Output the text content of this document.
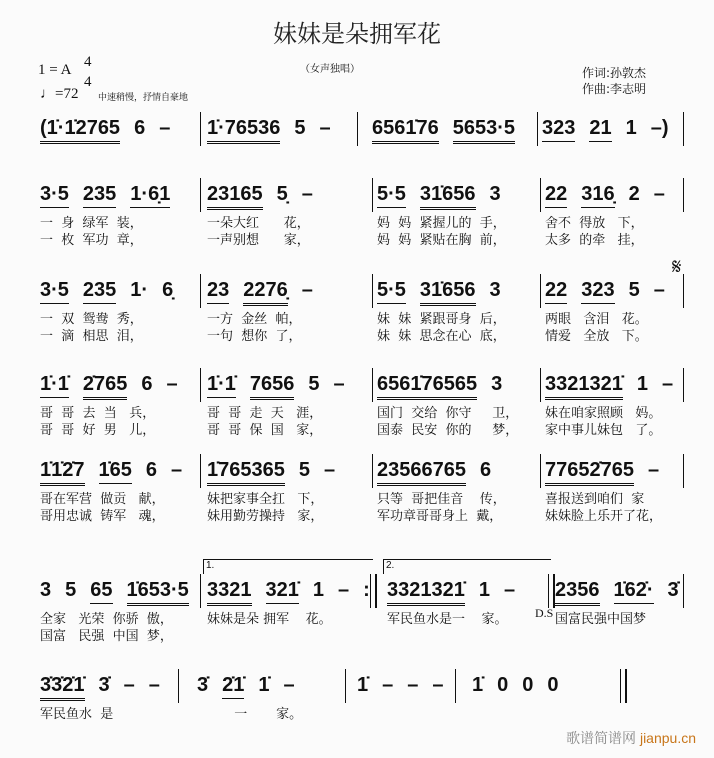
妹妹是朵拥军花
（女声独唱）
1 = A 4
4
♩=72 中速稍慢，抒情自豪地
作词:孙敦杰
作曲:李志明
𝄋
D.S
1.	2.
(1̇·1̇2765 6 –	1̇·76536 5 –	6561̇76 5653·5	323 21 1 –)
3·5 235 1·6̣1
一  身  绿军  装，
一  枚  军功  章，
23165 5̣ –
一朵大红      花，
一声别想      家，
5·5 31̇656 3
妈  妈  紧握儿的  手，
妈  妈  紧贴在胸  前，
22 316̣ 2 –
舍不  得放   下，
太多  的牵   挂，
3·5 235 1· 6̣
一  双  鸳鸯  秀，
一  滴  相思  泪，
23 2276̣ –
一方  金丝  帕，
一句  想你  了，
5·5 31̇656 3
妹  妹  紧跟哥身  后，
妹  妹  思念在心  底，
22 323 5 –
两眼   含泪   花。
情爱   全放   下。
1̇·1̇ 2̇765 6 –
哥  哥  去  当   兵，
哥  哥  好  男   儿，
1̇·1̇ 7656 5 –
哥  哥  走  天   涯，
哥  哥  保  国   家，
6561̇76565 3
国门  交给  你守     卫，
国泰  民安  你的     梦，
3321321̇ 1 –
妹在咱家照顾   妈。
家中事儿妹包   了。
1̇1̇2̇7 1̇65 6 –
哥在军营  做贡   献，
哥用忠诚  铸军   魂，
1̇765365 5 –
妹把家事全扛   下，
妹用勤劳操持   家，
23566765 6
只等  哥把佳音    传，
军功章哥哥身上  戴，
77652̇765 –
喜报送到咱们  家
妹妹脸上乐开了花，
3 5 65 1̇653·5
全家   光荣  你骄  傲，
国富   民强  中国  梦，
3321 321̇ 1 – :
妹妹是朵 拥军    花。
3321321̇ 1 –
军民鱼水是一    家。
2356 1̇62̇· 3̇
国富民强中国梦
3̇3̇2̇1̇ 3̇ – –
军民鱼水  是
3̇ 2̇1̇ 1̇ –
一       家。
1̇ – – –	1̇ 0 0 0
歌谱简谱网 jianpu.cn
